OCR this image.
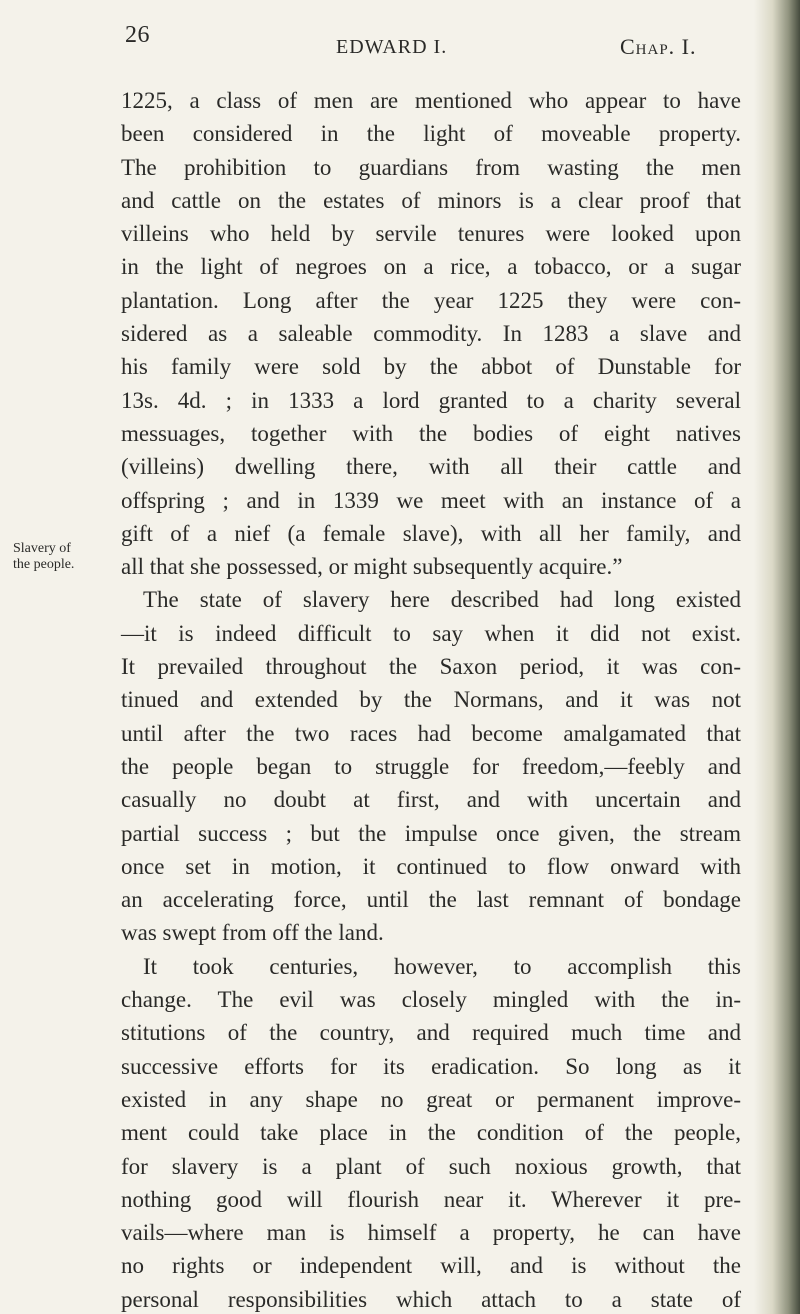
26	EDWARD I.	Chap. I.
Slavery of
the people.
1225, a class of men are mentioned who appear to have
been considered in the light of moveable property.
The prohibition to guardians from wasting the men
and cattle on the estates of minors is a clear proof that
villeins who held by servile tenures were looked upon
in the light of negroes on a rice, a tobacco, or a sugar
plantation. Long after the year 1225 they were con-
sidered as a saleable commodity. In 1283 a slave and
his family were sold by the abbot of Dunstable for
13s. 4d. ; in 1333 a lord granted to a charity several
messuages, together with the bodies of eight natives
(villeins) dwelling there, with all their cattle and
offspring ; and in 1339 we meet with an instance of a
gift of a nief (a female slave), with all her family, and
all that she possessed, or might subsequently acquire.”
The state of slavery here described had long existed
—it is indeed difficult to say when it did not exist.
It prevailed throughout the Saxon period, it was con-
tinued and extended by the Normans, and it was not
until after the two races had become amalgamated that
the people began to struggle for freedom,—feebly and
casually no doubt at first, and with uncertain and
partial success ; but the impulse once given, the stream
once set in motion, it continued to flow onward with
an accelerating force, until the last remnant of bondage
was swept from off the land.
It took centuries, however, to accomplish this
change. The evil was closely mingled with the in-
stitutions of the country, and required much time and
successive efforts for its eradication. So long as it
existed in any shape no great or permanent improve-
ment could take place in the condition of the people,
for slavery is a plant of such noxious growth, that
nothing good will flourish near it. Wherever it pre-
vails—where man is himself a property, he can have
no rights or independent will, and is without the
personal responsibilities which attach to a state of
